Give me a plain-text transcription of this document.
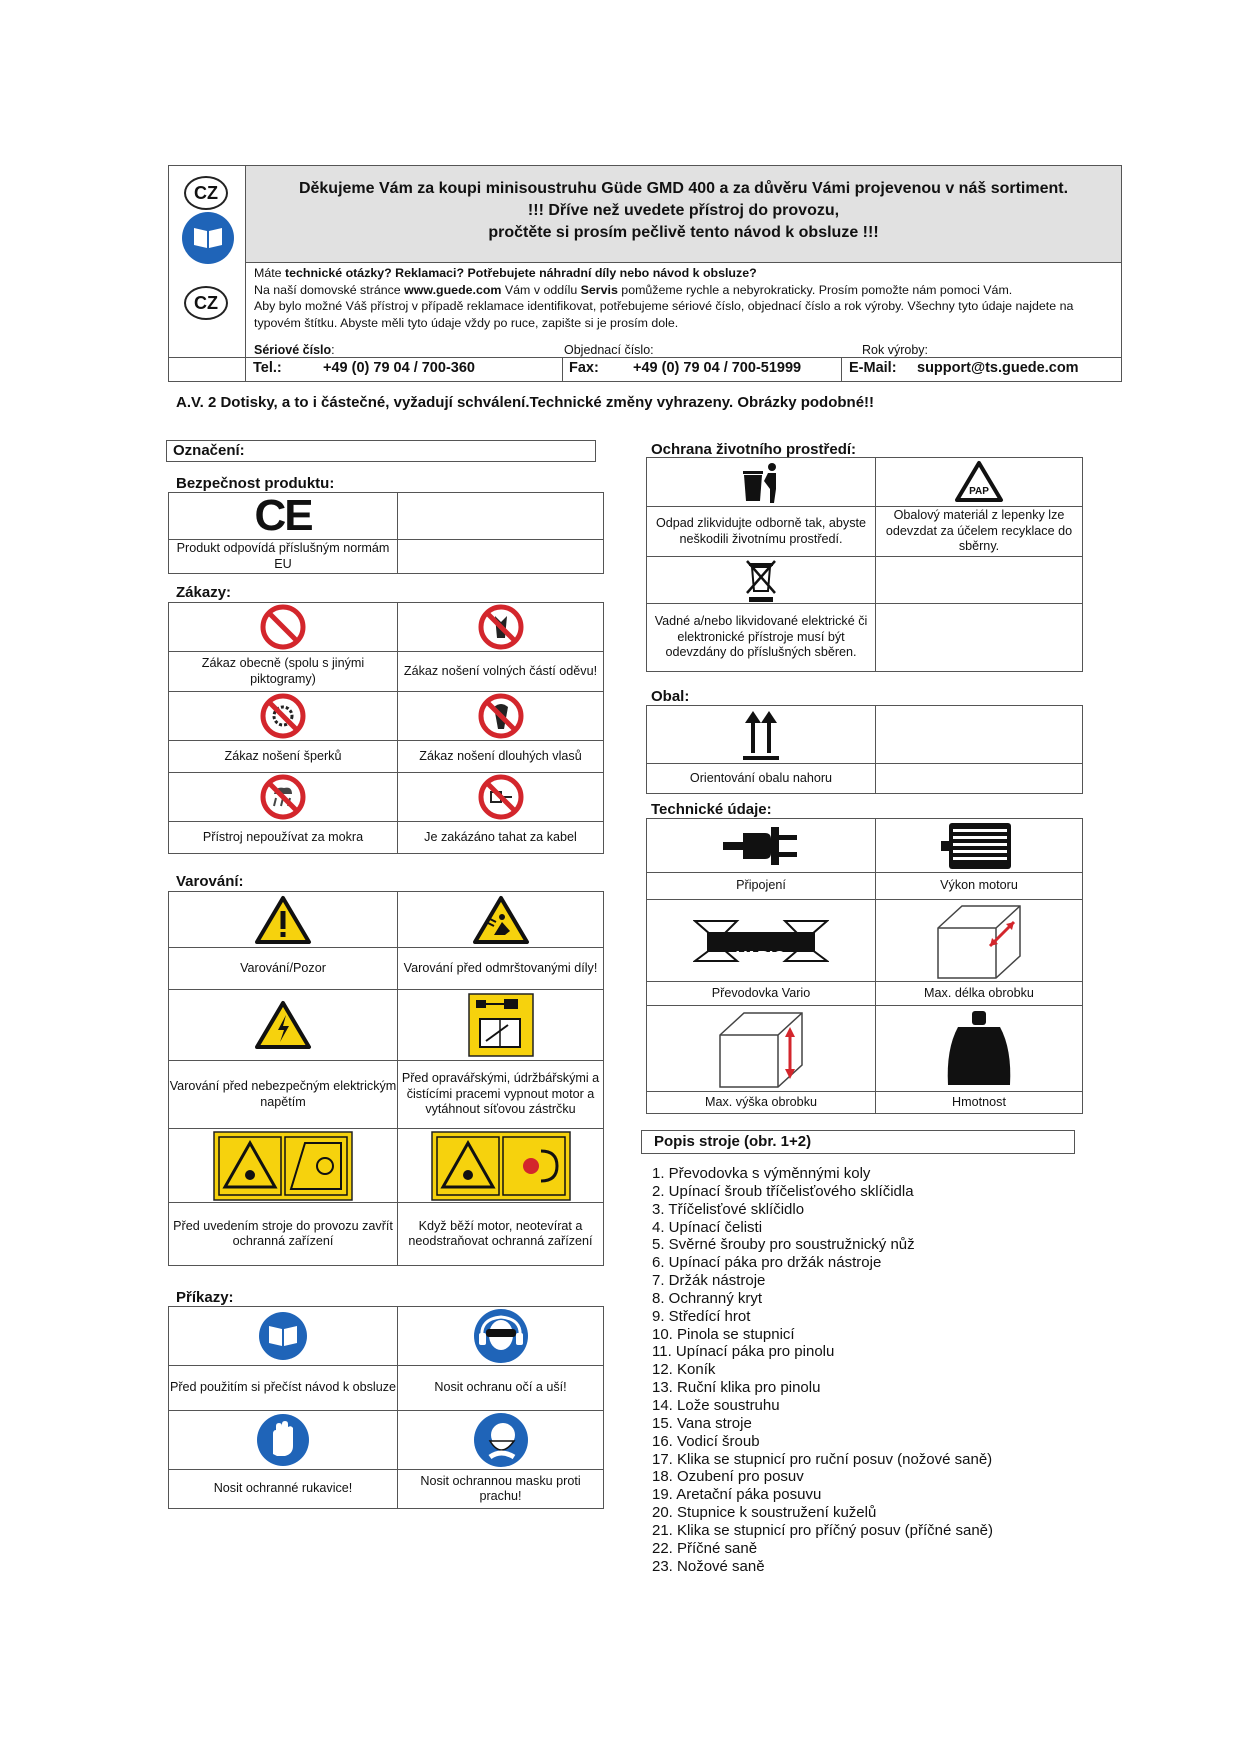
CZ
CZ
Děkujeme Vám za koupi minisoustruhu Güde GMD 400 a za důvěru Vámi projevenou v náš sortiment.
!!! Dříve než uvedete přístroj do provozu,
pročtěte si prosím pečlivě tento návod k obsluze !!!
Máte technické otázky? Reklamaci? Potřebujete náhradní díly nebo návod k obsluze?
Na naší domovské stránce www.guede.com Vám v oddílu Servis pomůžeme rychle a nebyrokraticky. Prosím pomožte nám pomoci Vám.
Aby bylo možné Váš přístroj v případě reklamace identifikovat, potřebujeme sériové číslo, objednací číslo a rok výroby. Všechny tyto údaje najdete na typovém štítku. Abyste měli tyto údaje vždy po ruce, zapište si je prosím dole.
Sériové číslo:	Objednací číslo:	Rok výroby:
Tel.:	+49 (0) 79 04 / 700-360	Fax: +49 (0) 79 04 / 700-51999	E-Mail: support@ts.guede.com
A.V. 2 Dotisky, a to i částečné, vyžadují schválení.Technické změny vyhrazeny. Obrázky podobné!!
Označení:
Bezpečnost produktu:
CE	

Produkt odpovídá příslušným normám EU	
Zákazy:

Zákaz obecně (spolu s jinými piktogramy)	Zákaz nošení volných částí oděvu!

Zákaz nošení šperků	Zákaz nošení dlouhých vlasů

Přístroj nepoužívat za mokra	Je zakázáno tahat za kabel
Varování:

Varování/Pozor	Varování před odmrštovanými díly!

Varování před nebezpečným elektrickým napětím	Před opravářskými, údržbářskými a čistícími pracemi vypnout motor a vytáhnout síťovou zástrčku

Před uvedením stroje do provozu zavřít ochranná zařízení	Když běží motor, neotevírat a neodstraňovat ochranná zařízení
Příkazy:

Před použitím si přečíst návod k obsluze	Nosit ochranu očí a uší!

Nosit ochranné rukavice!	Nosit ochrannou masku proti prachu!
Ochrana životního prostředí:

PAP

Odpad zlikvidujte odborně tak, abyste neškodili životnímu prostředí.	Obalový materiál z lepenky lze odevzdat za účelem recyklace do sběrny.

Vadné a/nebo likvidované elektrické či elektronické přístroje musí být odevzdány do příslušných sběren.	
Obal:

Orientování obalu nahoru	
Technické údaje:

Připojení	Výkon motoru

VARIO

Převodovka Vario	Max. délka obrobku

Max. výška obrobku	Hmotnost
Popis stroje (obr. 1+2)
1. Převodovka s výměnnými koly
2. Upínací šroub tříčelisťového sklíčidla
3. Tříčelisťové sklíčidlo
4. Upínací čelisti
5. Svěrné šrouby pro soustružnický nůž
6. Upínací páka pro držák nástroje
7. Držák nástroje
8. Ochranný kryt
9. Středící hrot
10. Pinola se stupnicí
11. Upínací páka pro pinolu
12. Koník
13. Ruční klika pro pinolu
14. Lože soustruhu
15. Vana stroje
16. Vodicí šroub
17. Klika se stupnicí pro ruční posuv (nožové saně)
18. Ozubení pro posuv
19. Aretační páka posuvu
20. Stupnice k soustružení kuželů
21. Klika se stupnicí pro příčný posuv (příčné saně)
22. Příčné saně
23. Nožové saně
